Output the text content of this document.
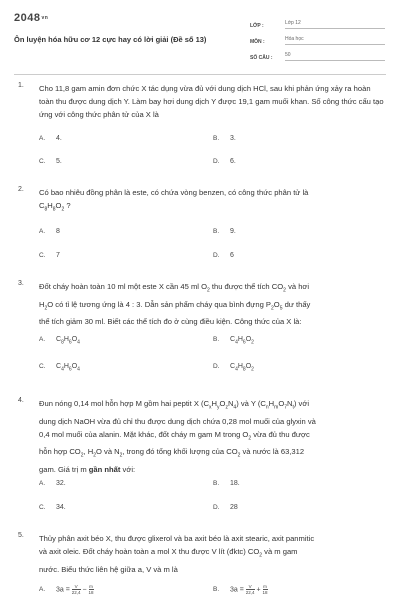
2048vn
Ôn luyện hóa hữu cơ 12 cực hay có lời giải (Đề số 13)
LỚP :	Lớp 12
MÔN :	Hóa học
SỐ CÂU :	50
1. Cho 11,8 gam amin đơn chức X tác dụng vừa đủ với dung dịch HCl, sau khi phản ứng xảy ra hoàn toàn thu được dung dịch Y. Làm bay hơi dung dịch Y được 19,1 gam muối khan. Số công thức cấu tạo ứng với công thức phân tử của X là
A. 4.	B. 3.
C. 5.	D. 6.
2. Có bao nhiêu đồng phân là este, có chứa vòng benzen, có công thức phân tử là
$C_8H_8O_2$ ?
A. 8	B. 9.
C. 7	D. 6
3. Đốt cháy hoàn toàn 10 ml một este X cần 45 ml $O_2$ thu được thể tích $CO_2$ và hơi
$H_2O$ có tỉ lệ tương ứng là 4 : 3. Dẫn sản phẩm cháy qua bình đựng $P_2O_5$ dư thấy
thể tích giảm 30 ml. Biết các thể tích đo ở cùng điều kiện. Công thức của X là:
A. $C_8H_6O_4$	B. $C_4H_6O_2$
C. $C_4H_6O_4$	D. $C_4H_8O_2$
4. Đun nóng 0,14 mol hỗn hợp M gồm hai peptit X $(C_xH_yO_zN_4)$ và Y $(C_nH_mO_7N_t)$ với
dung dịch NaOH vừa đủ chỉ thu được dung dịch chứa 0,28 mol muối của glyxin và
0,4 mol muối của alanin. Mặt khác, đốt cháy m gam M trong $O_2$ vừa đủ thu được
hỗn hợp $CO_2$, $H_2O$ và $N_2$, trong đó tổng khối lượng của $CO_2$ và nước là 63,312
gam. Giá trị m gần nhất với:
A. 32.	B. 18.
C. 34.	D. 28
5. Thủy phân axit béo X, thu được glixerol và ba axit béo là axit stearic, axit panmitic
và axit oleic. Đốt cháy hoàn toàn a mol X thu được V lít (đktc) $CO_2$ và m gam
nước. Biểu thức liên hệ giữa a, V và m là
A. $3a = \frac{V}{22,4} - \frac{m}{18}$	B. $3a = \frac{V}{22,4} + \frac{m}{18}$
